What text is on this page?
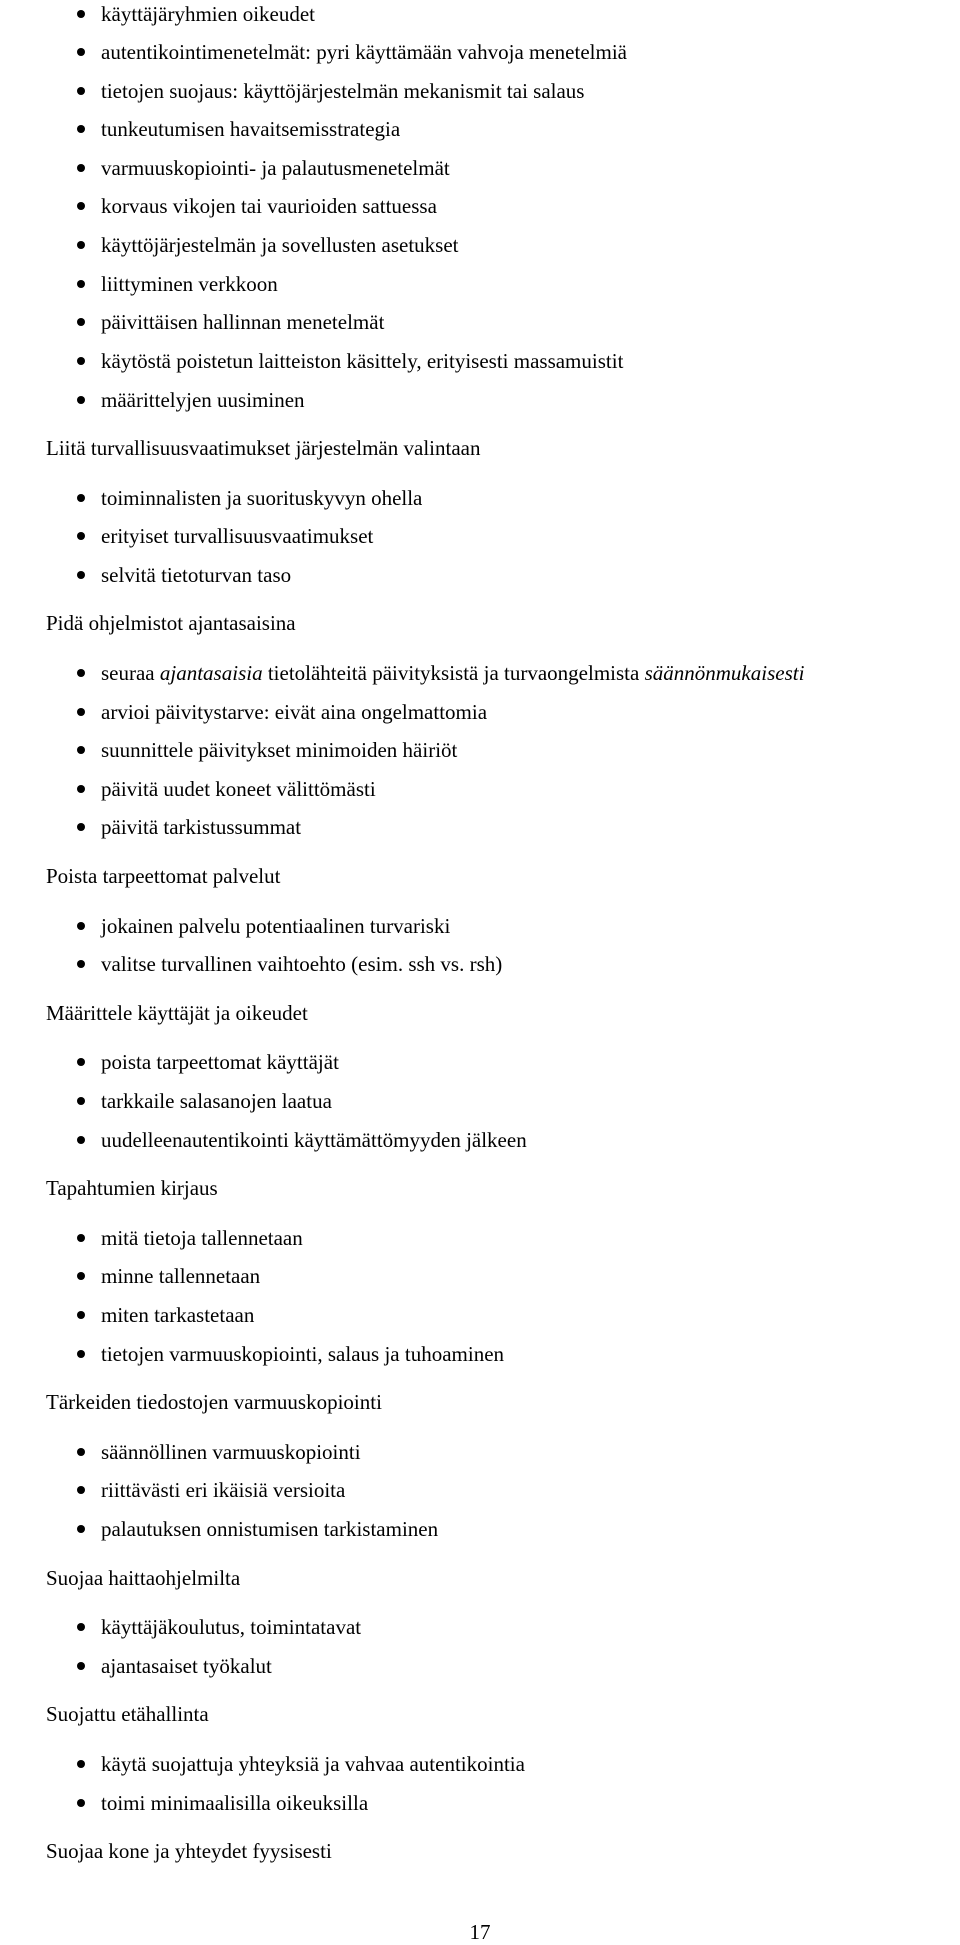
käyttäjäryhmien oikeudet
autentikointimenetelmät: pyri käyttämään vahvoja menetelmiä
tietojen suojaus: käyttöjärjestelmän mekanismit tai salaus
tunkeutumisen havaitsemisstrategia
varmuuskopiointi- ja palautusmenetelmät
korvaus vikojen tai vaurioiden sattuessa
käyttöjärjestelmän ja sovellusten asetukset
liittyminen verkkoon
päivittäisen hallinnan menetelmät
käytöstä poistetun laitteiston käsittely, erityisesti massamuistit
määrittelyjen uusiminen
Liitä turvallisuusvaatimukset järjestelmän valintaan
toiminnalisten ja suorituskyvyn ohella
erityiset turvallisuusvaatimukset
selvitä tietoturvan taso
Pidä ohjelmistot ajantasaisina
seuraa ajantasaisia tietolähteitä päivityksistä ja turvaongelmista säännönmukaisesti
arvioi päivitystarve: eivät aina ongelmattomia
suunnittele päivitykset minimoiden häiriöt
päivitä uudet koneet välittömästi
päivitä tarkistussummat
Poista tarpeettomat palvelut
jokainen palvelu potentiaalinen turvariski
valitse turvallinen vaihtoehto (esim. ssh vs. rsh)
Määrittele käyttäjät ja oikeudet
poista tarpeettomat käyttäjät
tarkkaile salasanojen laatua
uudelleenautentikointi käyttämättömyyden jälkeen
Tapahtumien kirjaus
mitä tietoja tallennetaan
minne tallennetaan
miten tarkastetaan
tietojen varmuuskopiointi, salaus ja tuhoaminen
Tärkeiden tiedostojen varmuuskopiointi
säännöllinen varmuuskopiointi
riittävästi eri ikäisiä versioita
palautuksen onnistumisen tarkistaminen
Suojaa haittaohjelmilta
käyttäjäkoulutus, toimintatavat
ajantasaiset työkalut
Suojattu etähallinta
käytä suojattuja yhteyksiä ja vahvaa autentikointia
toimi minimaalisilla oikeuksilla
Suojaa kone ja yhteydet fyysisesti
17
